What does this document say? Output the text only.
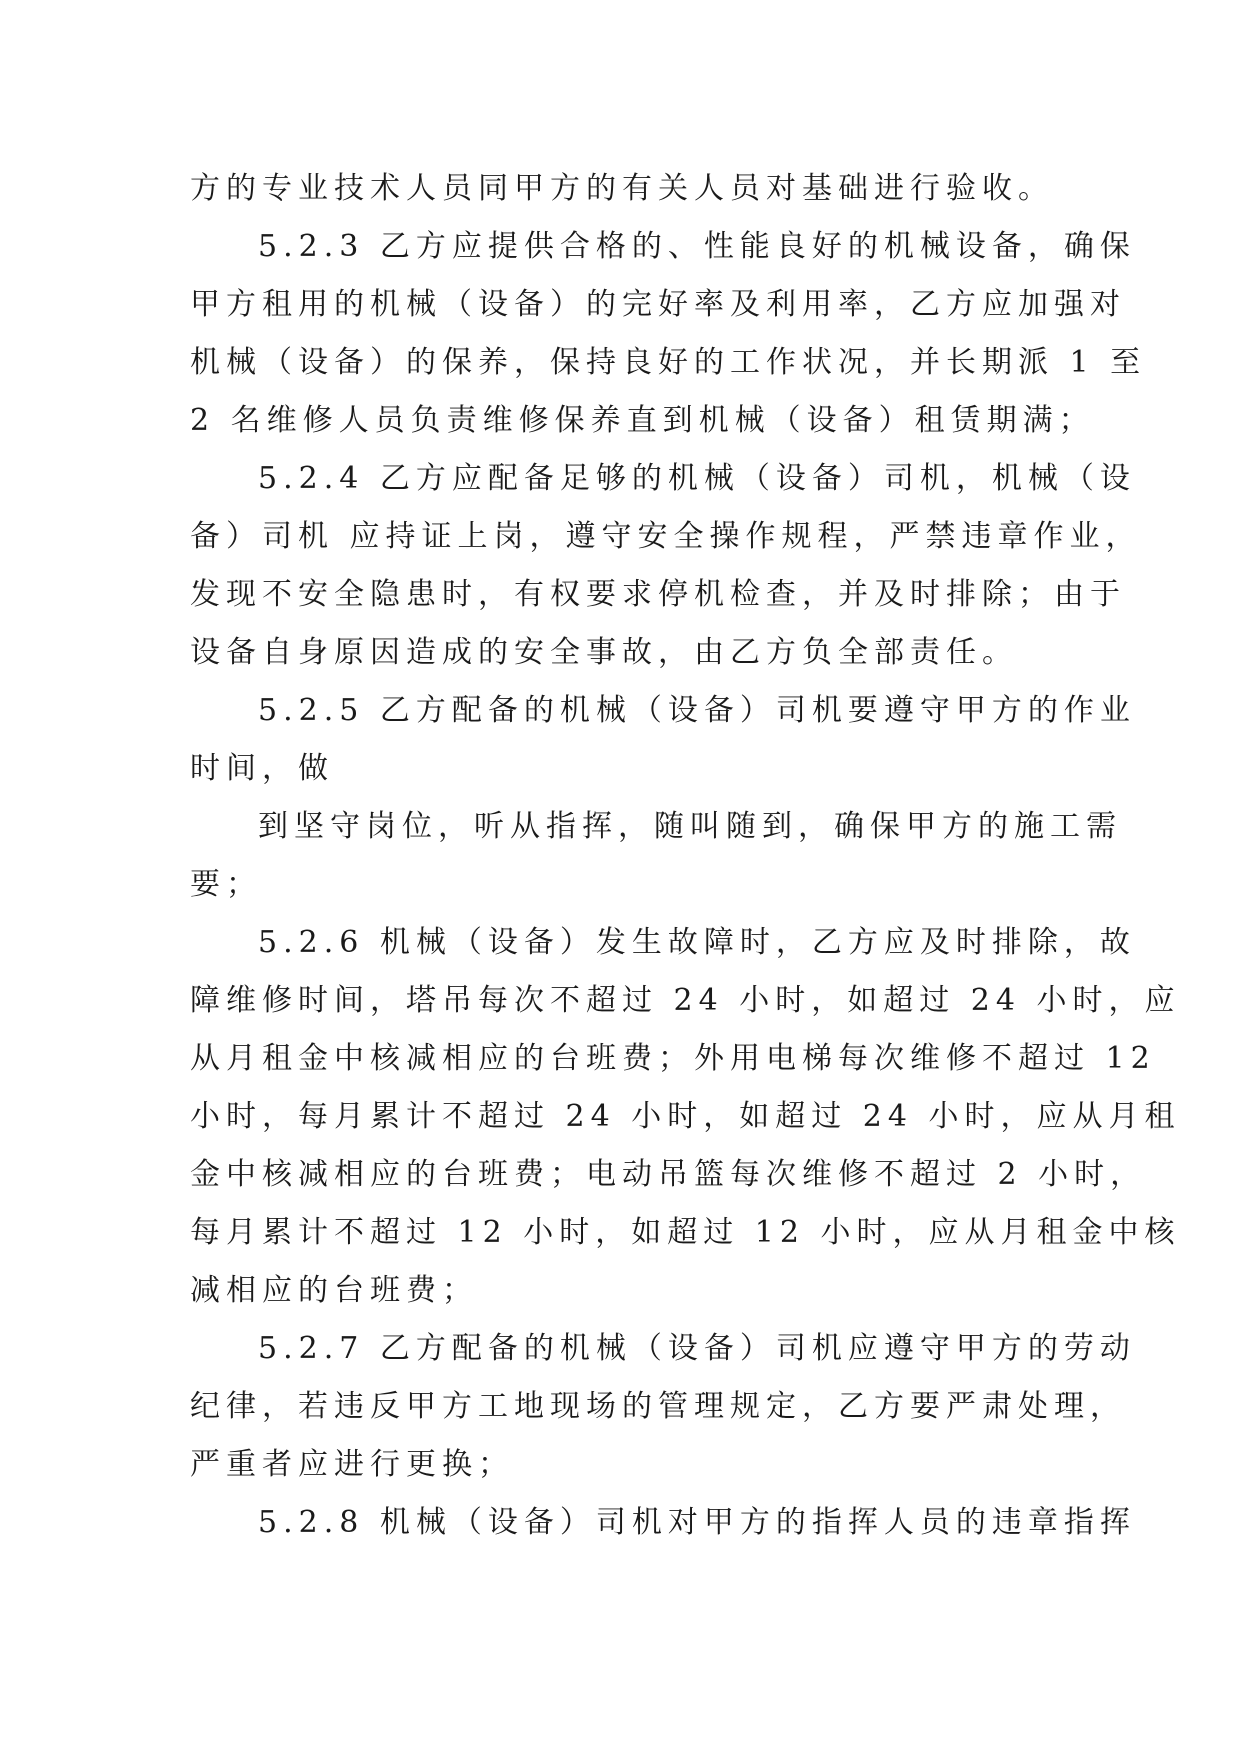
方的专业技术人员同甲方的有关人员对基础进行验收。
5.2.3 乙方应提供合格的、性能良好的机械设备，确保
甲方租用的机械（设备）的完好率及利用率，乙方应加强对
机械（设备）的保养，保持良好的工作状况，并长期派 1 至
2 名维修人员负责维修保养直到机械（设备）租赁期满；
5.2.4 乙方应配备足够的机械（设备）司机，机械（设
备）司机 应持证上岗，遵守安全操作规程，严禁违章作业，
发现不安全隐患时，有权要求停机检查，并及时排除；由于
设备自身原因造成的安全事故，由乙方负全部责任。
5.2.5 乙方配备的机械（设备）司机要遵守甲方的作业
时间，做
到坚守岗位，听从指挥，随叫随到，确保甲方的施工需
要；
5.2.6 机械（设备）发生故障时，乙方应及时排除，故
障维修时间，塔吊每次不超过 24 小时，如超过 24 小时，应
从月租金中核减相应的台班费；外用电梯每次维修不超过 12
小时，每月累计不超过 24 小时，如超过 24 小时，应从月租
金中核减相应的台班费；电动吊篮每次维修不超过 2 小时，
每月累计不超过 12 小时，如超过 12 小时，应从月租金中核
减相应的台班费；
5.2.7 乙方配备的机械（设备）司机应遵守甲方的劳动
纪律，若违反甲方工地现场的管理规定，乙方要严肃处理，
严重者应进行更换；
5.2.8 机械（设备）司机对甲方的指挥人员的违章指挥
